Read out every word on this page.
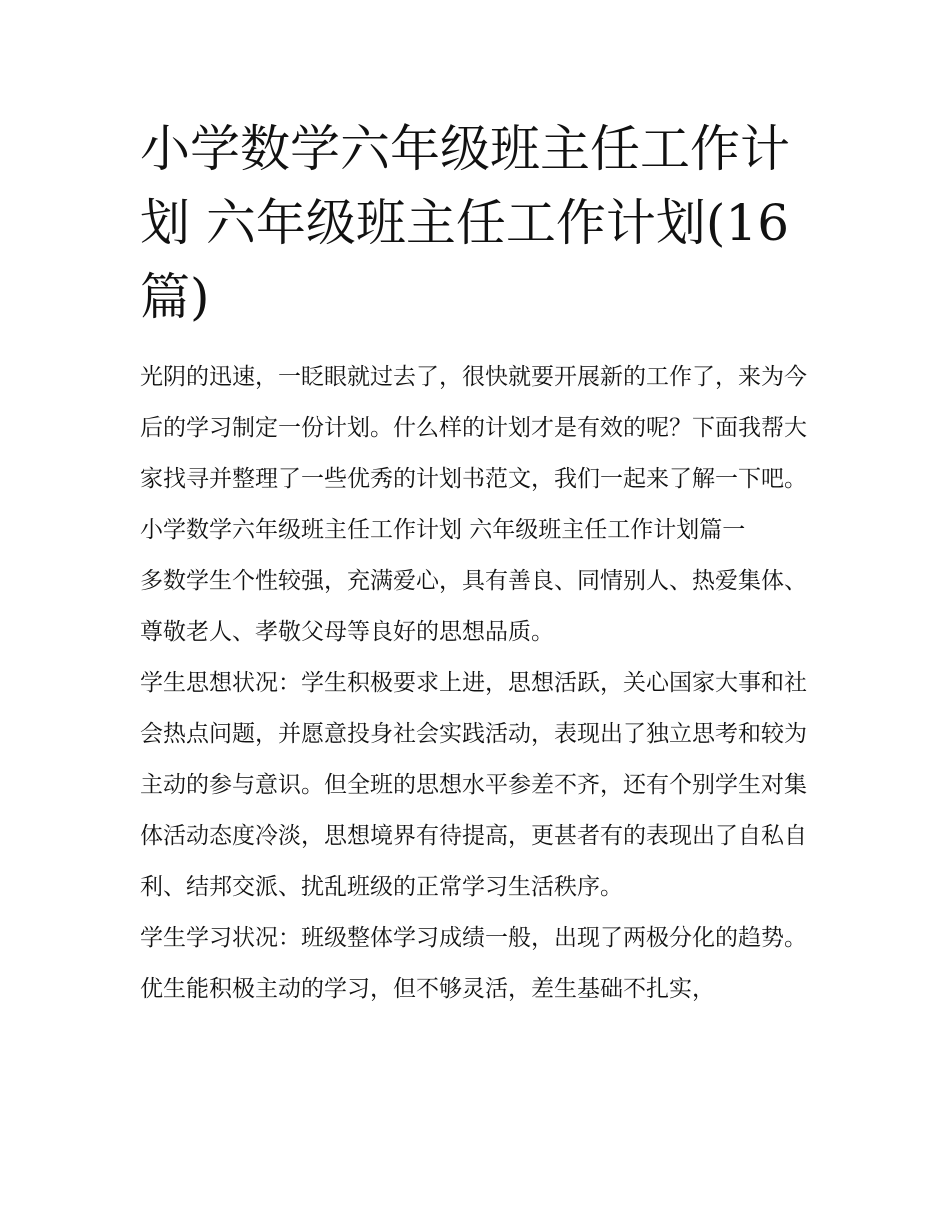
小学数学六年级班主任工作计划 六年级班主任工作计划(16篇)

光阴的迅速，一眨眼就过去了，很快就要开展新的工作了，来为今后的学习制定一份计划。什么样的计划才是有效的呢？下面我帮大家找寻并整理了一些优秀的计划书范文，我们一起来了解一下吧。

小学数学六年级班主任工作计划 六年级班主任工作计划篇一

多数学生个性较强，充满爱心，具有善良、同情别人、热爱集体、尊敬老人、孝敬父母等良好的思想品质。

学生思想状况：学生积极要求上进，思想活跃，关心国家大事和社会热点问题，并愿意投身社会实践活动，表现出了独立思考和较为主动的参与意识。但全班的思想水平参差不齐，还有个别学生对集体活动态度冷淡，思想境界有待提高，更甚者有的表现出了自私自利、结邦交派、扰乱班级的正常学习生活秩序。

学生学习状况：班级整体学习成绩一般，出现了两极分化的趋势。优生能积极主动的学习，但不够灵活，差生基础不扎实，
